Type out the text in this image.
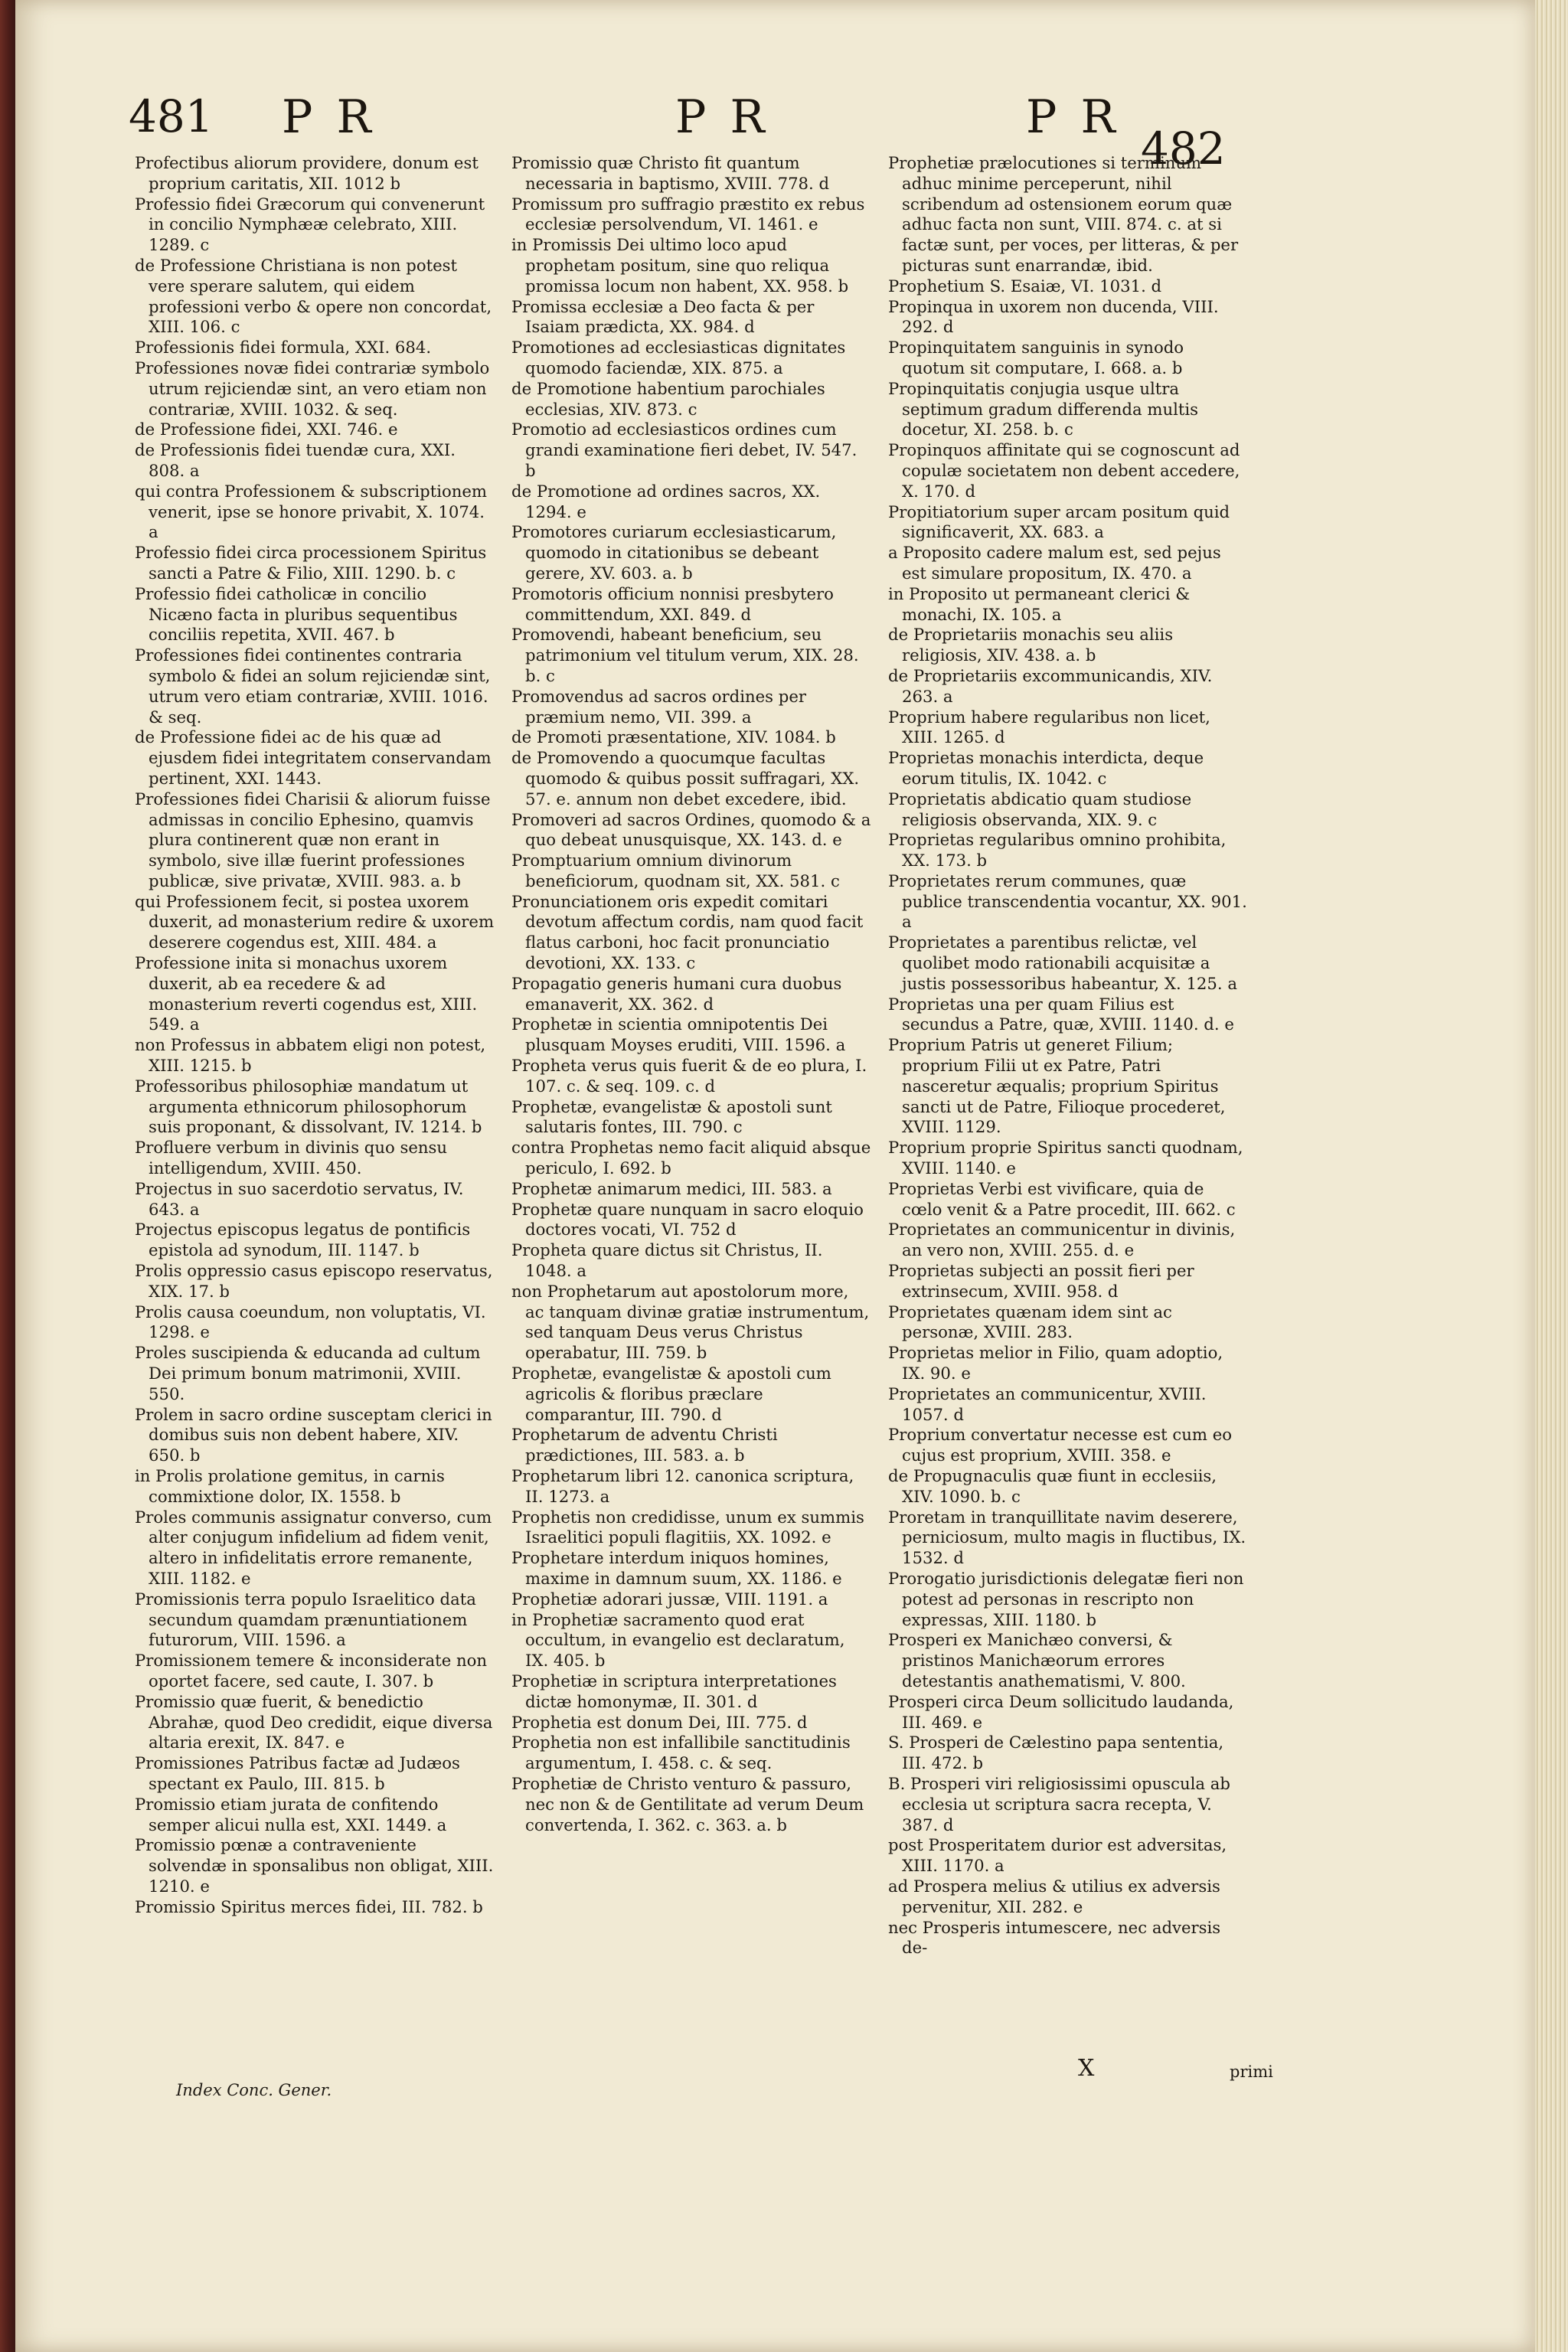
481 P R	P R	P R
482
Profectibus aliorum providere, donum est proprium caritatis, XII. 1012 b
Professio fidei Græcorum qui convenerunt in concilio Nymphææ celebrato, XIII. 1289. c
de Professione Christiana is non potest vere sperare salutem, qui eidem professioni verbo & opere non concordat, XIII. 106. c
Professionis fidei formula, XXI. 684.
Professiones novæ fidei contrariæ symbolo utrum rejiciendæ sint, an vero etiam non contrariæ, XVIII. 1032. & seq.
de Professione fidei, XXI. 746. e
de Professionis fidei tuendæ cura, XXI. 808. a
qui contra Professionem & subscriptionem venerit, ipse se honore privabit, X. 1074. a
Professio fidei circa processionem Spiritus sancti a Patre & Filio, XIII. 1290. b. c
Professio fidei catholicæ in concilio Nicæno facta in pluribus sequentibus conciliis repetita, XVII. 467. b
Professiones fidei continentes contraria symbolo & fidei an solum rejiciendæ sint, utrum vero etiam contrariæ, XVIII. 1016. & seq.
de Professione fidei ac de his quæ ad ejusdem fidei integritatem conservandam pertinent, XXI. 1443.
Professiones fidei Charisii & aliorum fuisse admissas in concilio Ephesino, quamvis plura continerent quæ non erant in symbolo, sive illæ fuerint professiones publicæ, sive privatæ, XVIII. 983. a. b
qui Professionem fecit, si postea uxorem duxerit, ad monasterium redire & uxorem deserere cogendus est, XIII. 484. a
Professione inita si monachus uxorem duxerit, ab ea recedere & ad monasterium reverti cogendus est, XIII. 549. a
non Professus in abbatem eligi non potest, XIII. 1215. b
Professoribus philosophiæ mandatum ut argumenta ethnicorum philosophorum suis proponant, & dissolvant, IV. 1214. b
Profluere verbum in divinis quo sensu intelligendum, XVIII. 450.
Projectus in suo sacerdotio servatus, IV. 643. a
Projectus episcopus legatus de pontificis epistola ad synodum, III. 1147. b
Prolis oppressio casus episcopo reservatus, XIX. 17. b
Prolis causa coeundum, non voluptatis, VI. 1298. e
Proles suscipienda & educanda ad cultum Dei primum bonum matrimonii, XVIII. 550.
Prolem in sacro ordine susceptam clerici in domibus suis non debent habere, XIV. 650. b
in Prolis prolatione gemitus, in carnis commixtione dolor, IX. 1558. b
Proles communis assignatur converso, cum alter conjugum infidelium ad fidem venit, altero in infidelitatis errore remanente, XIII. 1182. e
Promissionis terra populo Israelitico data secundum quamdam prænuntiationem futurorum, VIII. 1596. a
Promissionem temere & inconsiderate non oportet facere, sed caute, I. 307. b
Promissio quæ fuerit, & benedictio Abrahæ, quod Deo credidit, eique diversa altaria erexit, IX. 847. e
Promissiones Patribus factæ ad Judæos spectant ex Paulo, III. 815. b
Promissio etiam jurata de confitendo semper alicui nulla est, XXI. 1449. a
Promissio pœnæ a contraveniente solvendæ in sponsalibus non obligat, XIII. 1210. e
Promissio Spiritus merces fidei, III. 782. b
Promissio quæ Christo fit quantum necessaria in baptismo, XVIII. 778. d
Promissum pro suffragio præstito ex rebus ecclesiæ persolvendum, VI. 1461. e
in Promissis Dei ultimo loco apud prophetam positum, sine quo reliqua promissa locum non habent, XX. 958. b
Promissa ecclesiæ a Deo facta & per Isaiam prædicta, XX. 984. d
Promotiones ad ecclesiasticas dignitates quomodo faciendæ, XIX. 875. a
de Promotione habentium parochiales ecclesias, XIV. 873. c
Promotio ad ecclesiasticos ordines cum grandi examinatione fieri debet, IV. 547. b
de Promotione ad ordines sacros, XX. 1294. e
Promotores curiarum ecclesiasticarum, quomodo in citationibus se debeant gerere, XV. 603. a. b
Promotoris officium nonnisi presbytero committendum, XXI. 849. d
Promovendi, habeant beneficium, seu patrimonium vel titulum verum, XIX. 28. b. c
Promovendus ad sacros ordines per præmium nemo, VII. 399. a
de Promoti præsentatione, XIV. 1084. b
de Promovendo a quocumque facultas quomodo & quibus possit suffragari, XX. 57. e. annum non debet excedere, ibid.
Promoveri ad sacros Ordines, quomodo & a quo debeat unusquisque, XX. 143. d. e
Promptuarium omnium divinorum beneficiorum, quodnam sit, XX. 581. c
Pronunciationem oris expedit comitari devotum affectum cordis, nam quod facit flatus carboni, hoc facit pronunciatio devotioni, XX. 133. c
Propagatio generis humani cura duobus emanaverit, XX. 362. d
Prophetæ in scientia omnipotentis Dei plusquam Moyses eruditi, VIII. 1596. a
Propheta verus quis fuerit & de eo plura, I. 107. c. & seq. 109. c. d
Prophetæ, evangelistæ & apostoli sunt salutaris fontes, III. 790. c
contra Prophetas nemo facit aliquid absque periculo, I. 692. b
Prophetæ animarum medici, III. 583. a
Prophetæ quare nunquam in sacro eloquio doctores vocati, VI. 752 d
Propheta quare dictus sit Christus, II. 1048. a
non Prophetarum aut apostolorum more, ac tanquam divinæ gratiæ instrumentum, sed tanquam Deus verus Christus operabatur, III. 759. b
Prophetæ, evangelistæ & apostoli cum agricolis & floribus præclare comparantur, III. 790. d
Prophetarum de adventu Christi prædictiones, III. 583. a. b
Prophetarum libri 12. canonica scriptura, II. 1273. a
Prophetis non credidisse, unum ex summis Israelitici populi flagitiis, XX. 1092. e
Prophetare interdum iniquos homines, maxime in damnum suum, XX. 1186. e
Prophetiæ adorari jussæ, VIII. 1191. a
in Prophetiæ sacramento quod erat occultum, in evangelio est declaratum, IX. 405. b
Prophetiæ in scriptura interpretationes dictæ homonymæ, II. 301. d
Prophetia est donum Dei, III. 775. d
Prophetia non est infallibile sanctitudinis argumentum, I. 458. c. & seq.
Prophetiæ de Christo venturo & passuro, nec non & de Gentilitate ad verum Deum convertenda, I. 362. c. 363. a. b
Prophetiæ prælocutiones si terminum adhuc minime perceperunt, nihil scribendum ad ostensionem eorum quæ adhuc facta non sunt, VIII. 874. c. at si factæ sunt, per voces, per litteras, & per picturas sunt enarrandæ, ibid.
Prophetium S. Esaiæ, VI. 1031. d
Propinqua in uxorem non ducenda, VIII. 292. d
Propinquitatem sanguinis in synodo quotum sit computare, I. 668. a. b
Propinquitatis conjugia usque ultra septimum gradum differenda multis docetur, XI. 258. b. c
Propinquos affinitate qui se cognoscunt ad copulæ societatem non debent accedere, X. 170. d
Propitiatorium super arcam positum quid significaverit, XX. 683. a
a Proposito cadere malum est, sed pejus est simulare propositum, IX. 470. a
in Proposito ut permaneant clerici & monachi, IX. 105. a
de Proprietariis monachis seu aliis religiosis, XIV. 438. a. b
de Proprietariis excommunicandis, XIV. 263. a
Proprium habere regularibus non licet, XIII. 1265. d
Proprietas monachis interdicta, deque eorum titulis, IX. 1042. c
Proprietatis abdicatio quam studiose religiosis observanda, XIX. 9. c
Proprietas regularibus omnino prohibita, XX. 173. b
Proprietates rerum communes, quæ publice transcendentia vocantur, XX. 901. a
Proprietates a parentibus relictæ, vel quolibet modo rationabili acquisitæ a justis possessoribus habeantur, X. 125. a
Proprietas una per quam Filius est secundus a Patre, quæ, XVIII. 1140. d. e
Proprium Patris ut generet Filium; proprium Filii ut ex Patre, Patri nasceretur æqualis; proprium Spiritus sancti ut de Patre, Filioque procederet, XVIII. 1129.
Proprium proprie Spiritus sancti quodnam, XVIII. 1140. e
Proprietas Verbi est vivificare, quia de cœlo venit & a Patre procedit, III. 662. c
Proprietates an communicentur in divinis, an vero non, XVIII. 255. d. e
Proprietas subjecti an possit fieri per extrinsecum, XVIII. 958. d
Proprietates quænam idem sint ac personæ, XVIII. 283.
Proprietas melior in Filio, quam adoptio, IX. 90. e
Proprietates an communicentur, XVIII. 1057. d
Proprium convertatur necesse est cum eo cujus est proprium, XVIII. 358. e
de Propugnaculis quæ fiunt in ecclesiis, XIV. 1090. b. c
Proretam in tranquillitate navim deserere, perniciosum, multo magis in fluctibus, IX. 1532. d
Prorogatio jurisdictionis delegatæ fieri non potest ad personas in rescripto non expressas, XIII. 1180. b
Prosperi ex Manichæo conversi, & pristinos Manichæorum errores detestantis anathematismi, V. 800.
Prosperi circa Deum sollicitudo laudanda, III. 469. e
S. Prosperi de Cælestino papa sententia, III. 472. b
B. Prosperi viri religiosissimi opuscula ab ecclesia ut scriptura sacra recepta, V. 387. d
post Prosperitatem durior est adversitas, XIII. 1170. a
ad Prosperа melius & utilius ex adversis pervenitur, XII. 282. e
nec Prosperis intumescere, nec adversis de-
Index Conc. Gener.
X	primi
